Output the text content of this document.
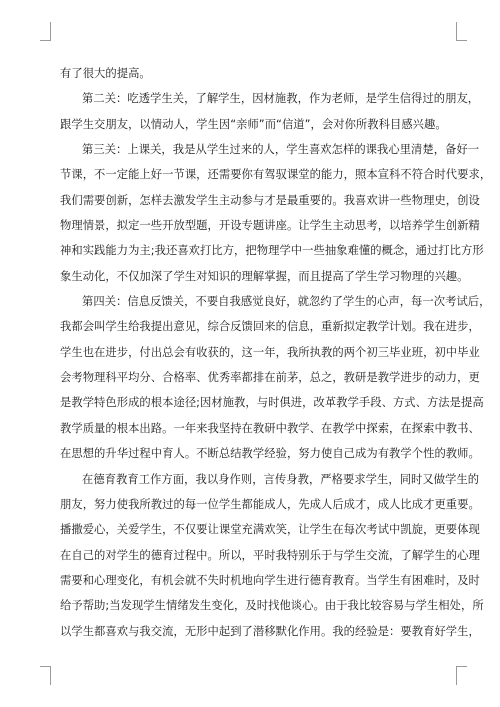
有了很大的提高。
第二关：吃透学生关，了解学生，因材施教，作为老师，是学生信得过的朋友，
跟学生交朋友，以情动人，学生因“亲师”而“信道”，会对你所教科目感兴趣。
第三关：上课关，我是从学生过来的人，学生喜欢怎样的课我心里清楚，备好一
节课，不一定能上好一节课，还需要你有驾驭课堂的能力，照本宣科不符合时代要求，
我们需要创新，怎样去激发学生主动参与才是最重要的。我喜欢讲一些物理史，创设
物理情景，拟定一些开放型题，开设专题讲座。让学生主动思考，以培养学生创新精
神和实践能力为主;我还喜欢打比方，把物理学中一些抽象难懂的概念，通过打比方形
象生动化，不仅加深了学生对知识的理解掌握，而且提高了学生学习物理的兴趣。
第四关：信息反馈关，不要自我感觉良好，就忽约了学生的心声，每一次考试后，
我都会叫学生给我提出意见，综合反馈回来的信息，重新拟定教学计划。我在进步，
学生也在进步，付出总会有收获的，这一年，我所执教的两个初三毕业班，初中毕业
会考物理科平均分、合格率、优秀率都排在前茅，总之，教研是教学进步的动力，更
是教学特色形成的根本途径;因材施教，与时俱进，改革教学手段、方式、方法是提高
教学质量的根本出路。一年来我坚持在教研中教学、在教学中探索，在探索中教书、
在思想的升华过程中育人。不断总结教学经验，努力使自己成为有教学个性的教师。
在德育教育工作方面，我以身作则，言传身教，严格要求学生，同时又做学生的
朋友，努力使我所教过的每一位学生都能成人，先成人后成才，成人比成才更重要。
播撒爱心，关爱学生，不仅要让课堂充满欢笑，让学生在每次考试中凯旋，更要体现
在自己的对学生的德育过程中。所以，平时我特别乐于与学生交流，了解学生的心理
需要和心理变化，有机会就不失时机地向学生进行德育教育。当学生有困难时，及时
给予帮助;当发现学生情绪发生变化，及时找他谈心。由于我比较容易与学生相处，所
以学生都喜欢与我交流，无形中起到了潜移默化作用。我的经验是：要教育好学生，
